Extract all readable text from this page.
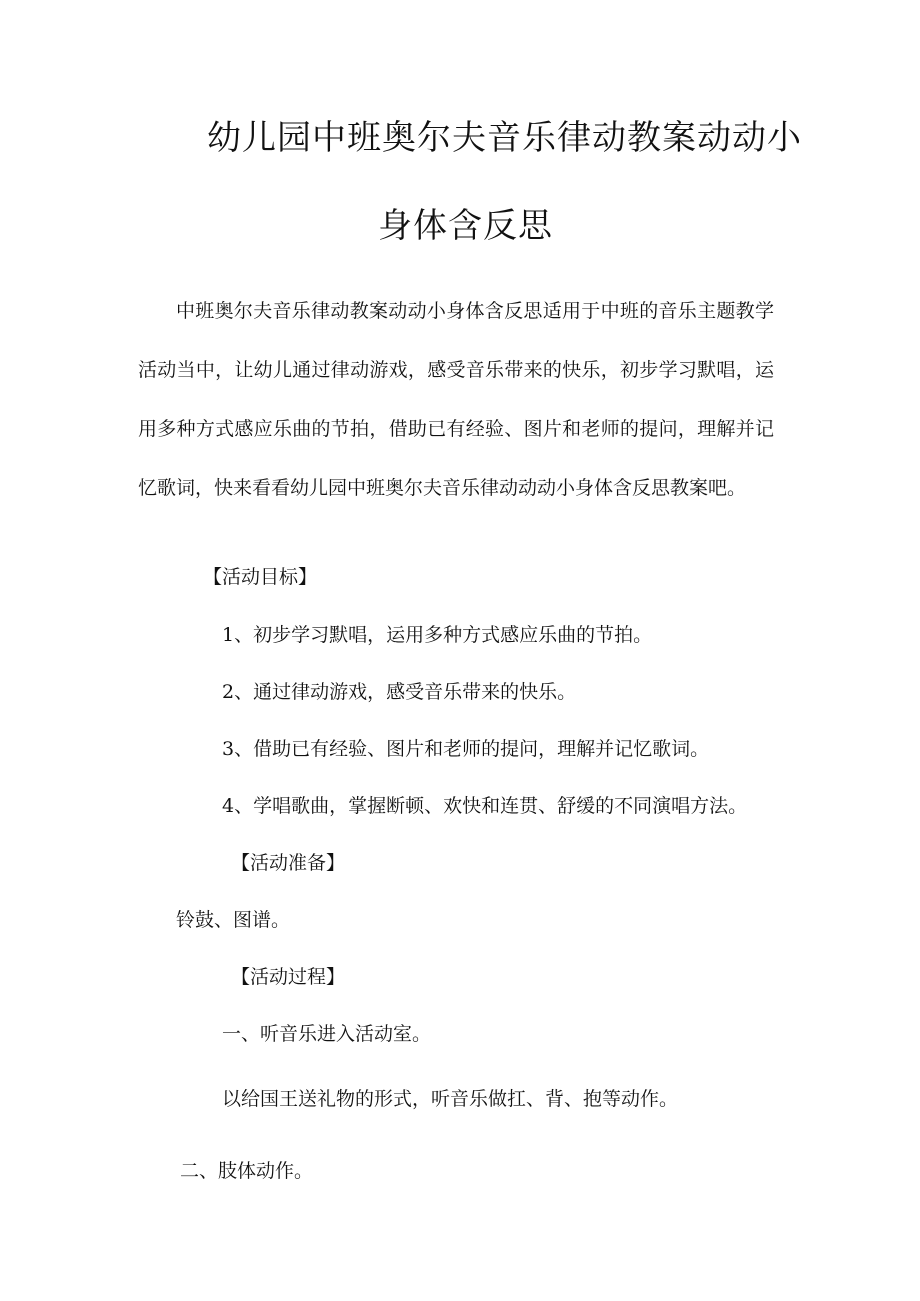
幼儿园中班奥尔夫音乐律动教案动动小
身体含反思

中班奥尔夫音乐律动教案动动小身体含反思适用于中班的音乐主题教学活动当中，让幼儿通过律动游戏，感受音乐带来的快乐，初步学习默唱，运用多种方式感应乐曲的节拍，借助已有经验、图片和老师的提问，理解并记忆歌词，快来看看幼儿园中班奥尔夫音乐律动动动小身体含反思教案吧。

【活动目标】
1、初步学习默唱，运用多种方式感应乐曲的节拍。
2、通过律动游戏，感受音乐带来的快乐。
3、借助已有经验、图片和老师的提问，理解并记忆歌词。
4、学唱歌曲，掌握断顿、欢快和连贯、舒缓的不同演唱方法。
【活动准备】
铃鼓、图谱。
【活动过程】
一、听音乐进入活动室。
以给国王送礼物的形式，听音乐做扛、背、抱等动作。
二、肢体动作。
